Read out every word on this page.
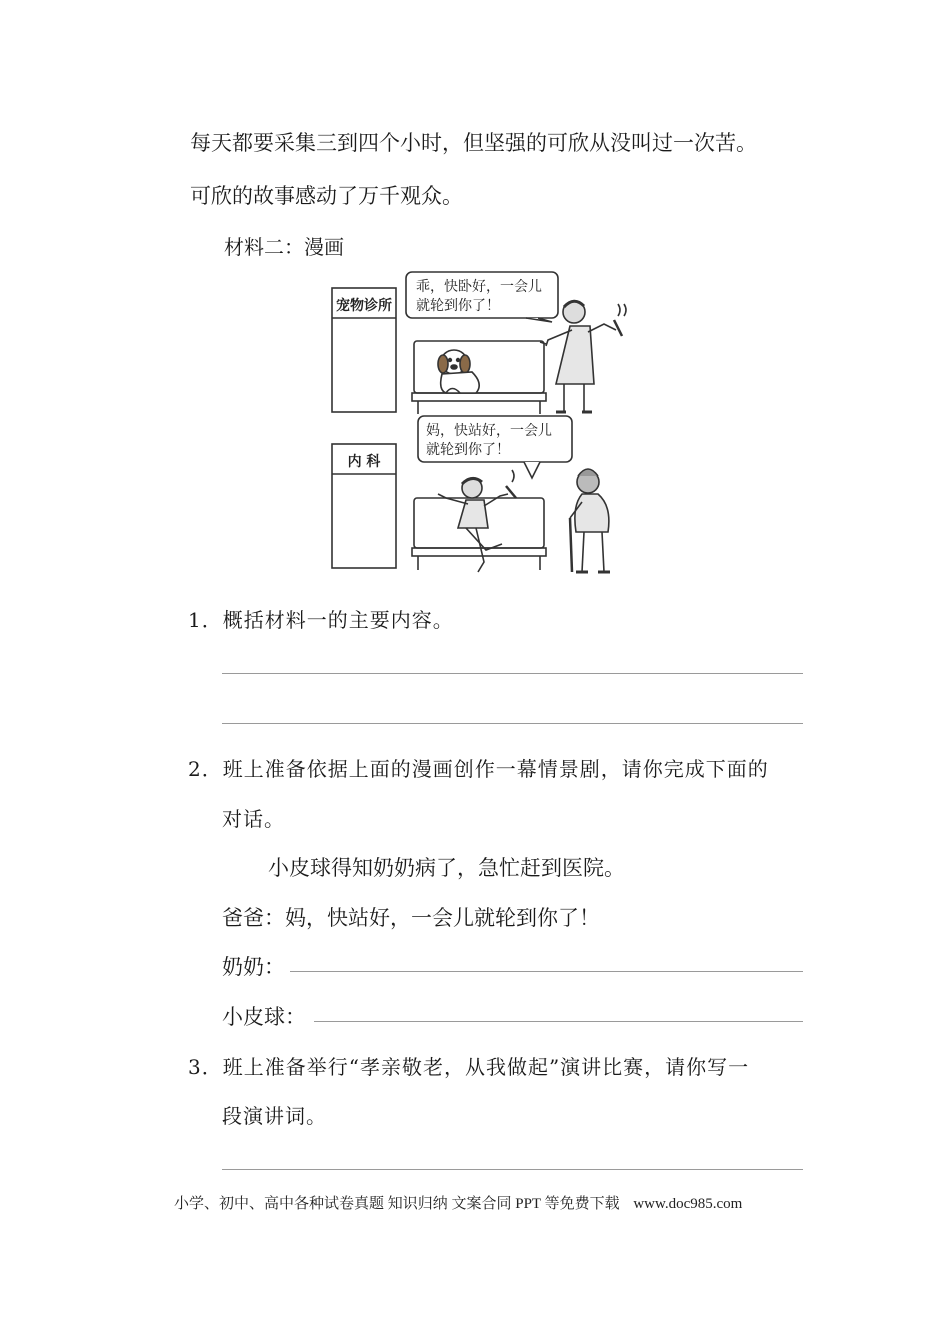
每天都要采集三到四个小时，但坚强的可欣从没叫过一次苦。
可欣的故事感动了万千观众。
材料二：漫画
宠物诊所
乖，快卧好，一会儿
就轮到你了！
内 科
妈，快站好，一会儿
就轮到你了！
1．概括材料一的主要内容。
2．班上准备依据上面的漫画创作一幕情景剧，请你完成下面的
对话。
小皮球得知奶奶病了，急忙赶到医院。
爸爸：妈，快站好，一会儿就轮到你了！
奶奶：
小皮球：
3．班上准备举行“孝亲敬老，从我做起”演讲比赛，请你写一
段演讲词。
小学、初中、高中各种试卷真题 知识归纳 文案合同 PPT 等免费下载 www.doc985.com
